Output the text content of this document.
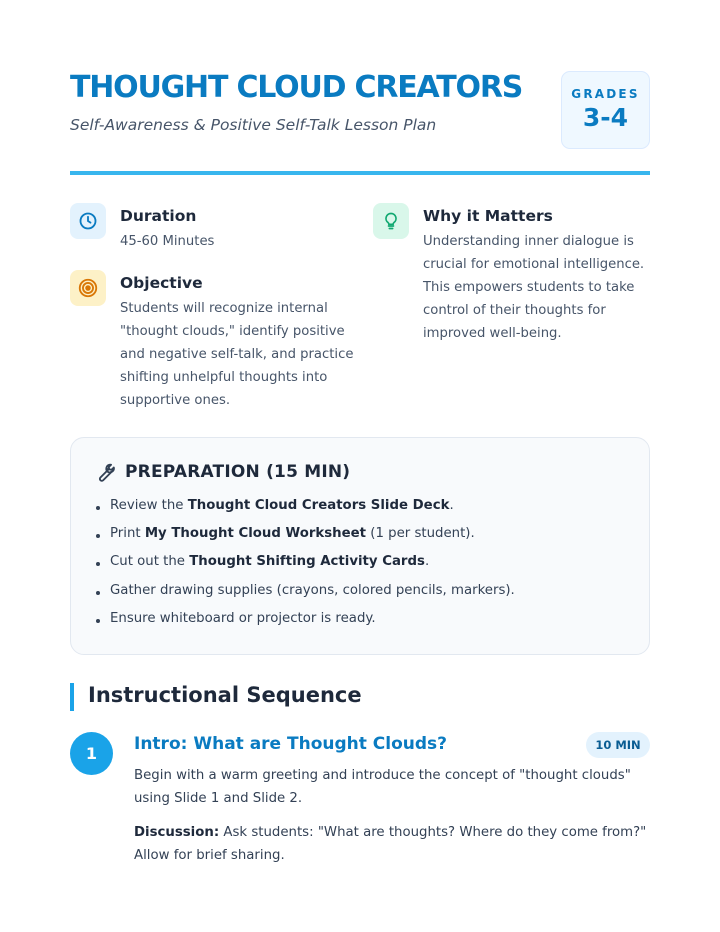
THOUGHT CLOUD CREATORS
Self-Awareness & Positive Self-Talk Lesson Plan
GRADES
3-4
Duration
45-60 Minutes
Objective
Students will recognize internal "thought clouds," identify positive and negative self-talk, and practice shifting unhelpful thoughts into supportive ones.
Why it Matters
Understanding inner dialogue is crucial for emotional intelligence. This empowers students to take control of their thoughts for improved well-being.
PREPARATION (15 MIN)
Review the Thought Cloud Creators Slide Deck.
Print My Thought Cloud Worksheet (1 per student).
Cut out the Thought Shifting Activity Cards.
Gather drawing supplies (crayons, colored pencils, markers).
Ensure whiteboard or projector is ready.
Instructional Sequence
1	Intro: What are Thought Clouds?	10 MIN

Begin with a warm greeting and introduce the concept of "thought clouds" using Slide 1 and Slide 2.

Discussion: Ask students: "What are thoughts? Where do they come from?" Allow for brief sharing.
